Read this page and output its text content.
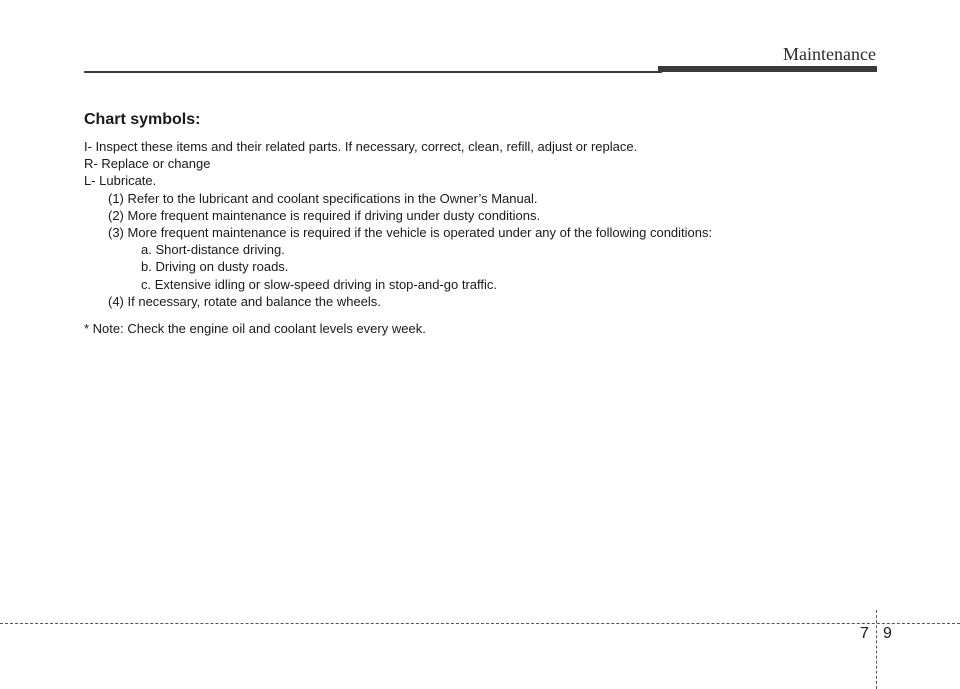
Maintenance
Chart symbols:

I- Inspect these items and their related parts. If necessary, correct, clean, refill, adjust or replace.

R- Replace or change

L- Lubricate.

(1) Refer to the lubricant and coolant specifications in the Owner’s Manual.

(2) More frequent maintenance is required if driving under dusty conditions.

(3) More frequent maintenance is required if the vehicle is operated under any of the following conditions:

a. Short-distance driving.

b. Driving on dusty roads.

c. Extensive idling or slow-speed driving in stop-and-go traffic.

(4) If necessary, rotate and balance the wheels.

* Note: Check the engine oil and coolant levels every week.

7 9
